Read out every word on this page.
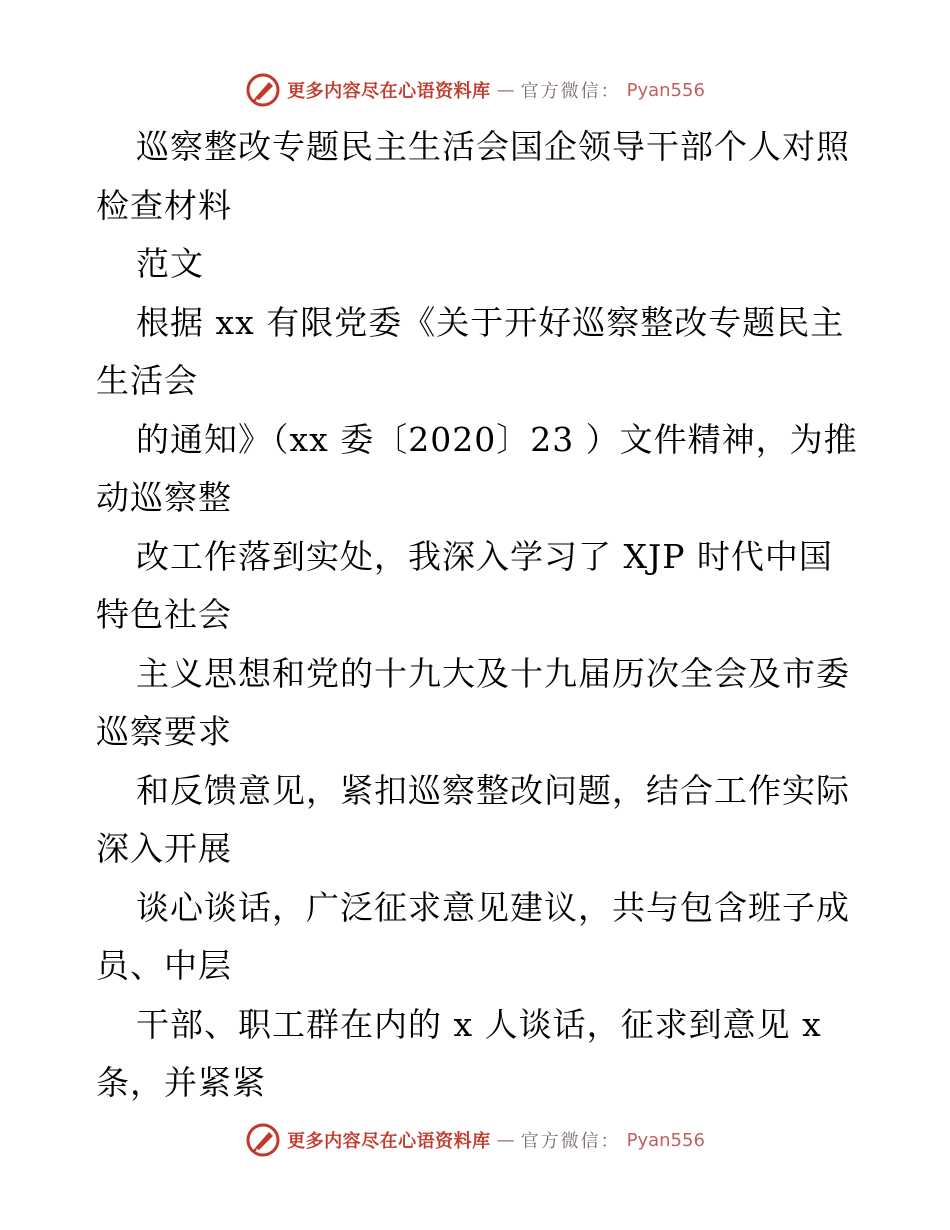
更多内容尽在心语资料库 — 官方微信： Pyan556
巡察整改专题民主生活会国企领导干部个人对照
检查材料
范文
根据 xx 有限党委《关于开好巡察整改专题民主
生活会
的通知》（xx 委〔2020〕23 ）文件精神，为推
动巡察整
改工作落到实处，我深入学习了 XJP 时代中国
特色社会
主义思想和党的十九大及十九届历次全会及市委
巡察要求
和反馈意见，紧扣巡察整改问题，结合工作实际
深入开展
谈心谈话，广泛征求意见建议，共与包含班子成
员、中层
干部、职工群在内的 x 人谈话，征求到意见 x
条，并紧紧
更多内容尽在心语资料库 — 官方微信： Pyan556
